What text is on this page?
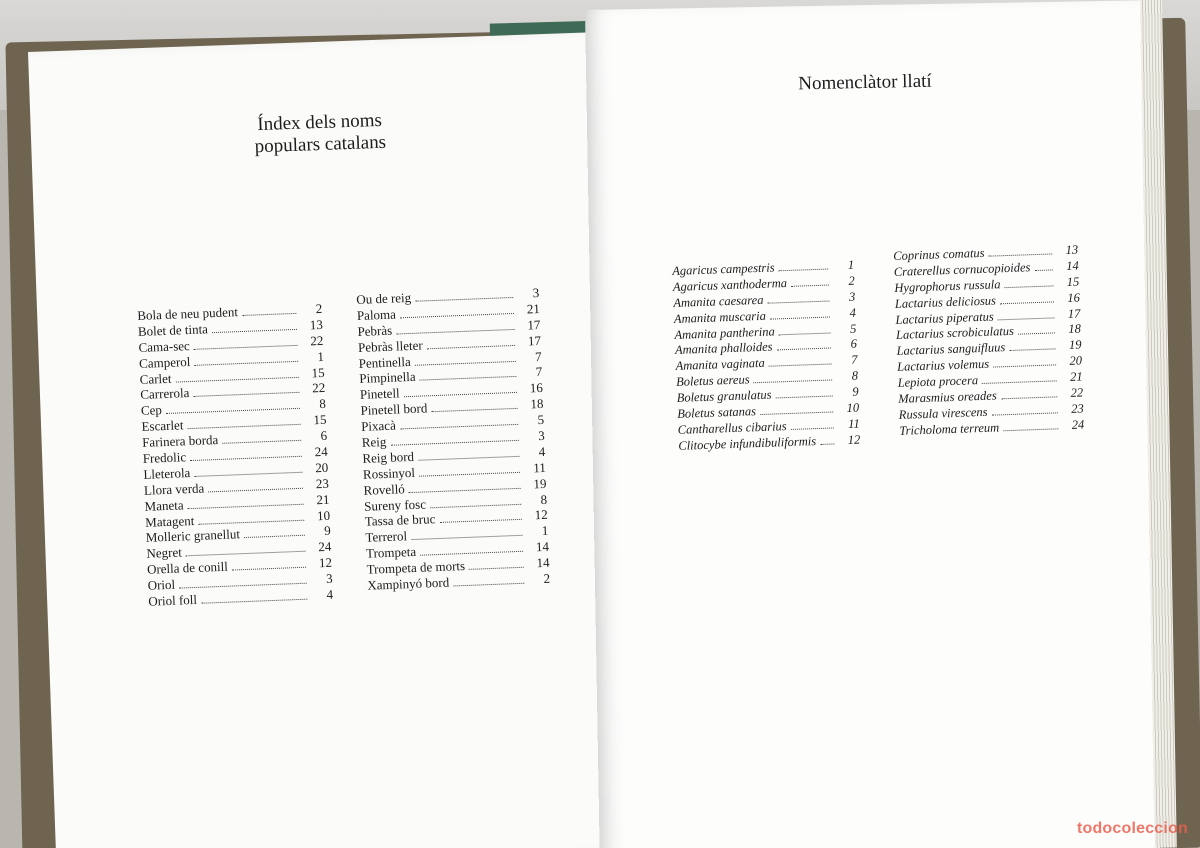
Índex dels noms
populars catalans
Nomenclàtor llatí
Bola de neu pudent	2
Bolet de tinta	13
Cama-sec	22
Camperol	1
Carlet	15
Carrerola	22
Cep	8
Escarlet	15
Farinera borda	6
Fredolic	24
Lleterola	20
Llora verda	23
Maneta	21
Matagent	10
Molleric granellut	9
Negret	24
Orella de conill	12
Oriol	3
Oriol foll	4
Ou de reig	3
Paloma	21
Pebràs	17
Pebràs lleter	17
Pentinella	7
Pimpinella	7
Pinetell	16
Pinetell bord	18
Pixacà	5
Reig	3
Reig bord	4
Rossinyol	11
Rovelló	19
Sureny fosc	8
Tassa de bruc	12
Terrerol	1
Trompeta	14
Trompeta de morts	14
Xampinyó bord	2
Agaricus campestris	1
Agaricus xanthoderma	2
Amanita caesarea	3
Amanita muscaria	4
Amanita pantherina	5
Amanita phalloides	6
Amanita vaginata	7
Boletus aereus	8
Boletus granulatus	9
Boletus satanas	10
Cantharellus cibarius	11
Clitocybe infundibuliformis	12
Coprinus comatus	13
Craterellus cornucopioides	14
Hygrophorus russula	15
Lactarius deliciosus	16
Lactarius piperatus	17
Lactarius scrobiculatus	18
Lactarius sanguifluus	19
Lactarius volemus	20
Lepiota procera	21
Marasmius oreades	22
Russula virescens	23
Tricholoma terreum	24
todocoleccion
